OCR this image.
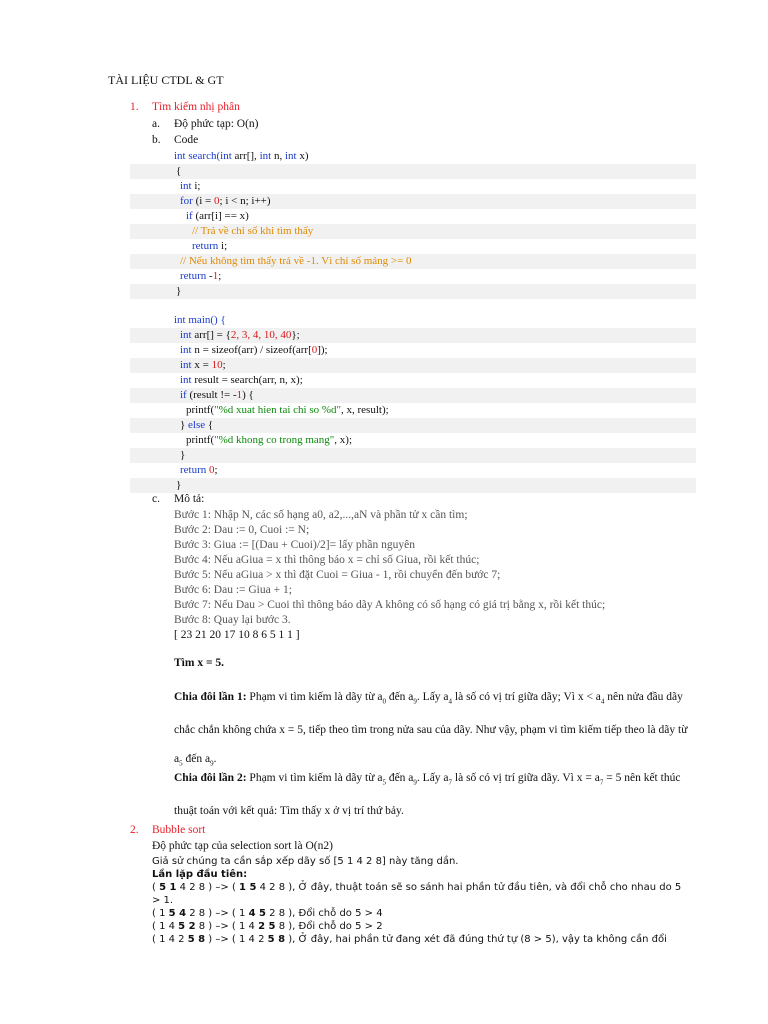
TÀI LIỆU CTDL & GT
1. Tìm kiếm nhị phân
a. Độ phức tạp: O(n)
b. Code
int search(int arr[], int n, int x)
{
int i;
for (i = 0; i < n; i++)
if (arr[i] == x)
// Trả về chỉ số khi tìm thấy
return i;
// Nếu không tìm thấy trả về -1. Vì chỉ số mảng >= 0
return -1;
}
int main() {
int arr[] = {2, 3, 4, 10, 40};
int n = sizeof(arr) / sizeof(arr[0]);
int x = 10;
int result = search(arr, n, x);
if (result != -1) {
printf("%d xuat hien tai chi so %d", x, result);
} else {
printf("%d khong co trong mang", x);
}
return 0;
}
c. Mô tả:
Bước 1: Nhập N, các số hạng a0, a2,...,aN và phần tử x cần tìm;
Bước 2: Dau := 0, Cuoi := N;
Bước 3: Giua := [(Dau + Cuoi)/2]= lấy phần nguyên
Bước 4: Nếu aGiua = x thì thông báo x = chỉ số Giua, rồi kết thúc;
Bước 5: Nếu aGiua > x thì đặt Cuoi = Giua - 1, rồi chuyển đến bước 7;
Bước 6: Dau := Giua + 1;
Bước 7: Nếu Dau > Cuoi thì thông báo dãy A không có số hạng có giá trị bằng x, rồi kết thúc;
Bước 8: Quay lại bước 3.
[ 23 21 20 17 10 8 6 5 1 1 ]
Tìm x = 5.
Chia đôi lần 1: Phạm vi tìm kiếm là dãy từ $a_0$ đến $a_9$. Lấy $a_4$ là số có vị trí giữa dãy; Vì $x < a_4$ nên nửa đầu dãy chắc chắn không chứa x = 5, tiếp theo tìm trong nửa sau của dãy. Như vậy, phạm vi tìm kiếm tiếp theo là dãy từ $a_5$ đến $a_9$.
Chia đôi lần 2: Phạm vi tìm kiếm là dãy từ $a_5$ đến $a_9$. Lấy $a_7$ là số có vị trí giữa dãy. Vì $x = a_7 = 5$ nên kết thúc thuật toán với kết quả: Tìm thấy x ở vị trí thứ bảy.
2. Bubble sort
Độ phức tạp của selection sort là O(n2)
Giả sử chúng ta cần sắp xếp dãy số [5 1 4 2 8] này tăng dần.
Lần lặp đầu tiên:
( 5 1 4 2 8 ) –> ( 1 5 4 2 8 ), Ở đây, thuật toán sẽ so sánh hai phần tử đầu tiên, và đổi chỗ cho nhau do 5
> 1.
( 1 5 4 2 8 ) –> ( 1 4 5 2 8 ), Đổi chỗ do 5 > 4
( 1 4 5 2 8 ) –> ( 1 4 2 5 8 ), Đổi chỗ do 5 > 2
( 1 4 2 5 8 ) –> ( 1 4 2 5 8 ), Ở đây, hai phần tử đang xét đã đúng thứ tự (8 > 5), vậy ta không cần đổi
